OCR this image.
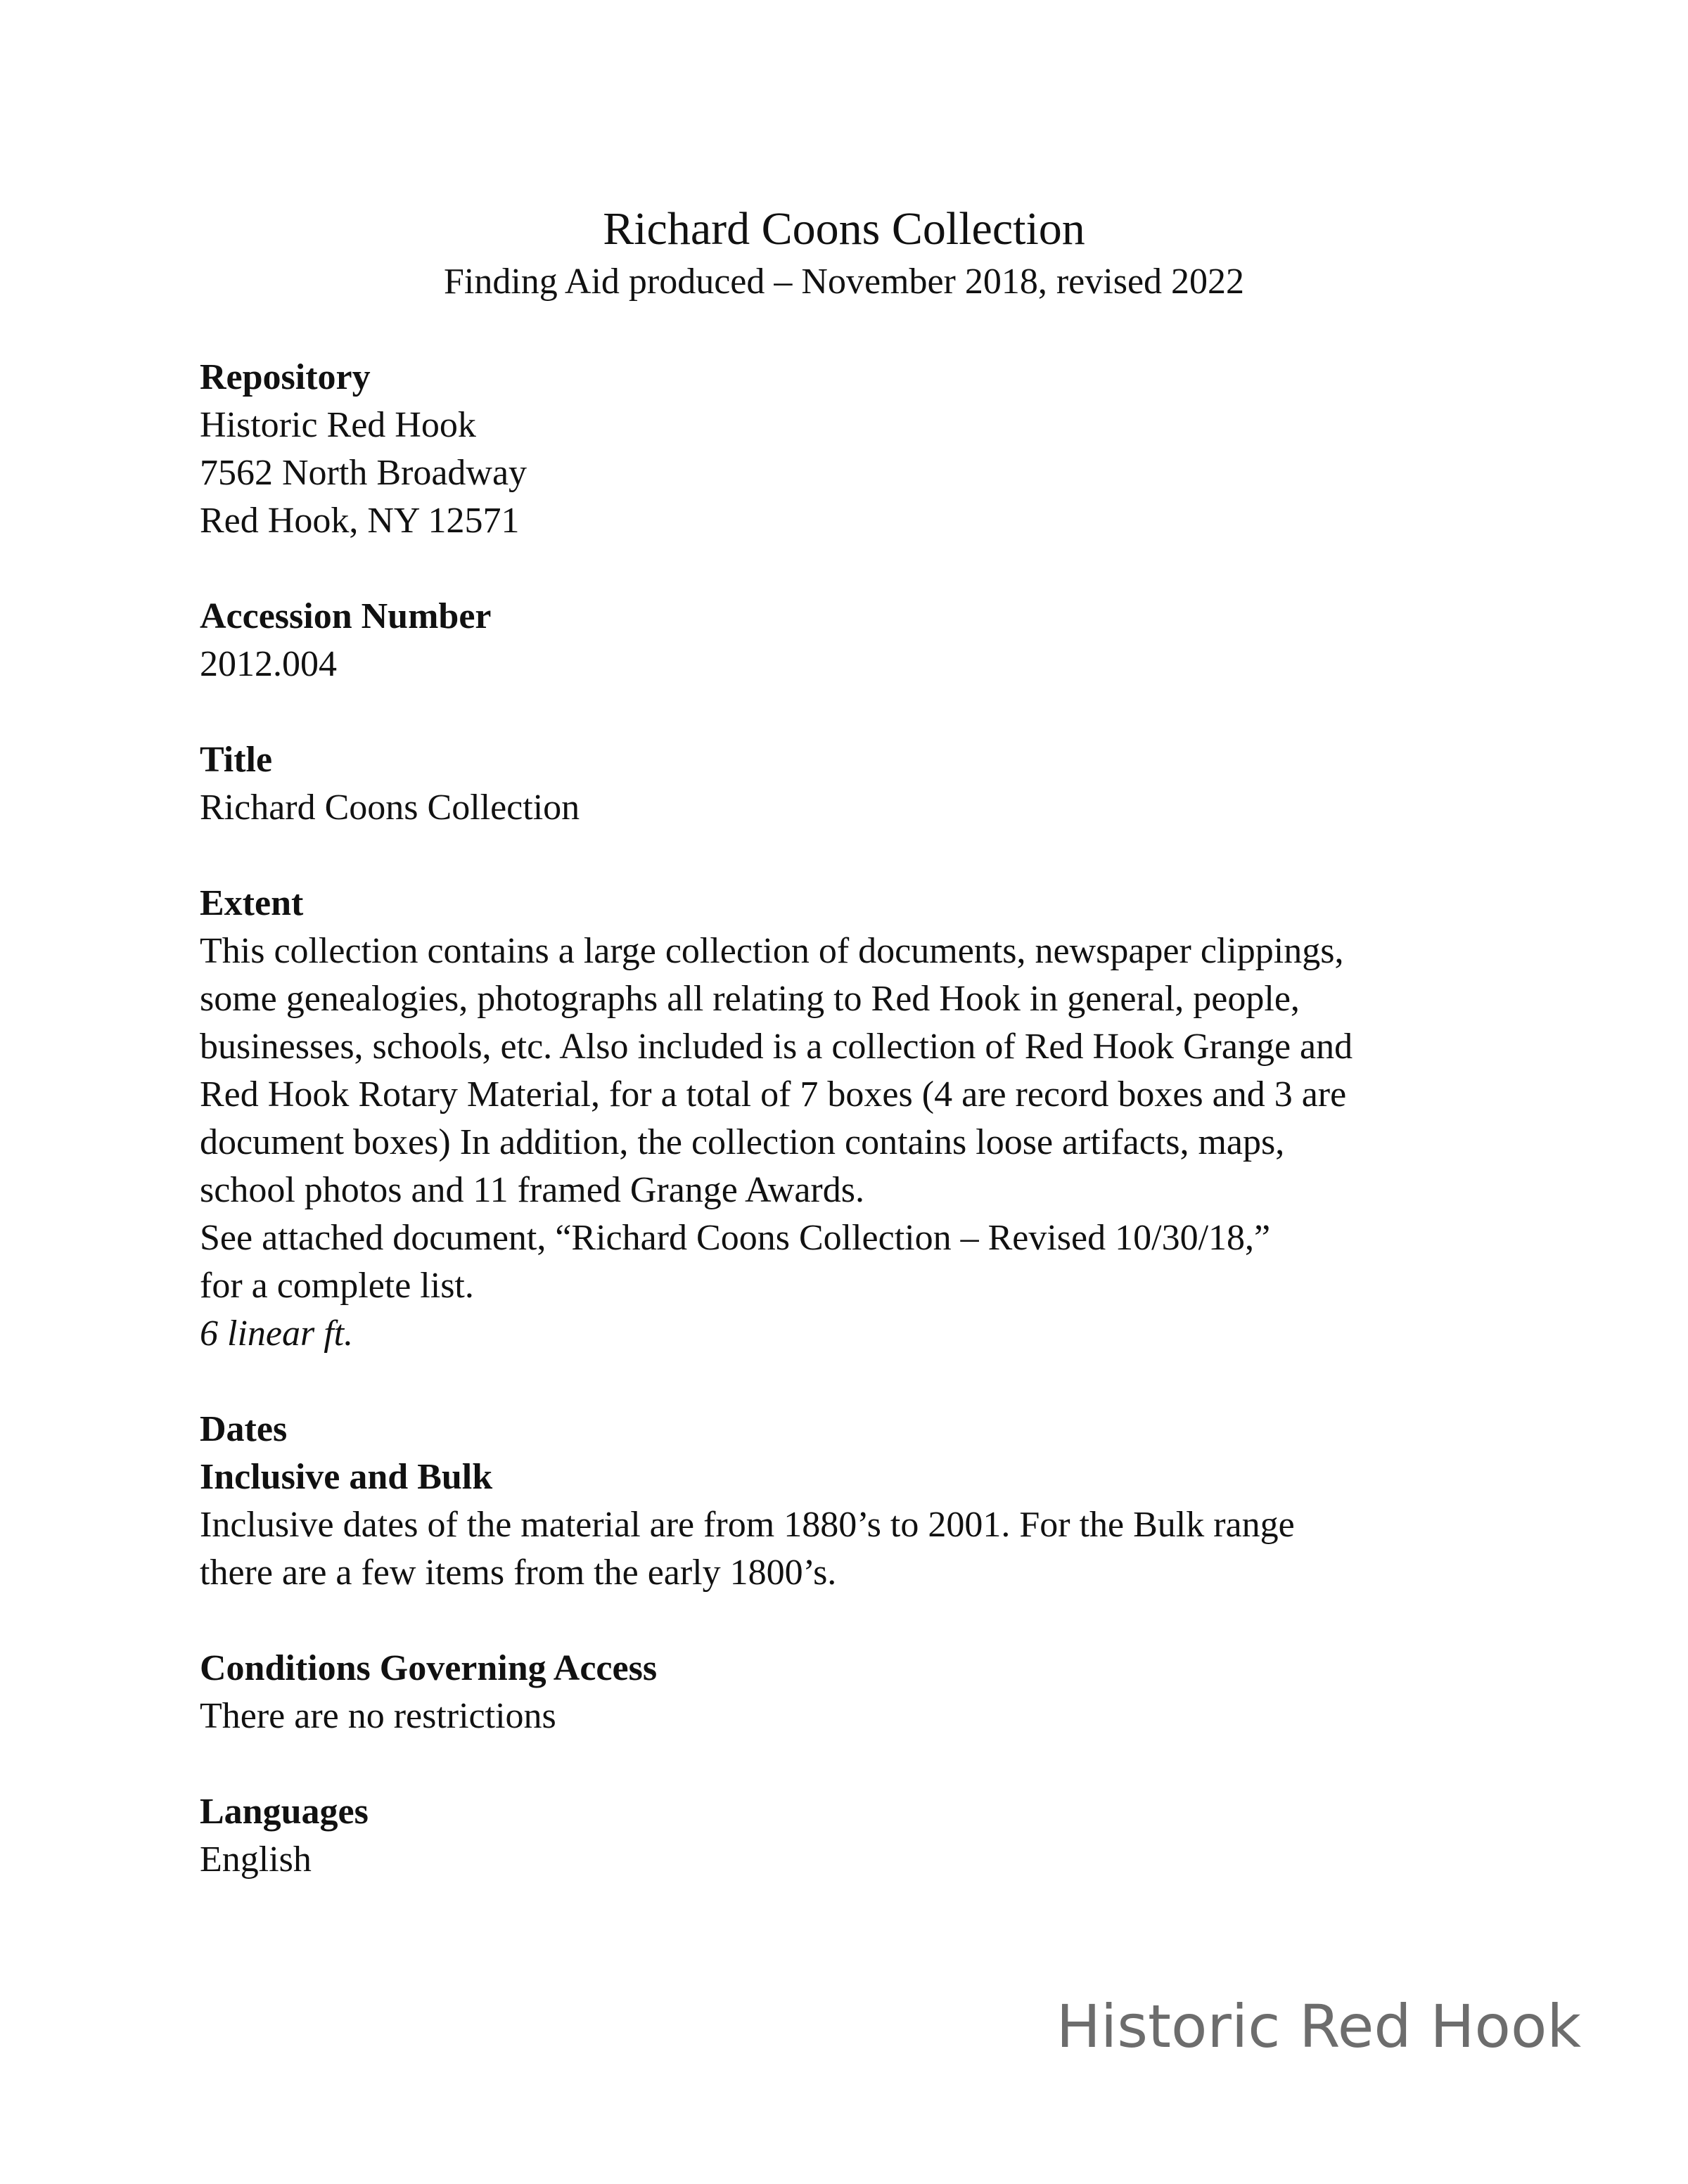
Richard Coons Collection
Finding Aid produced – November 2018, revised 2022
Repository
Historic Red Hook
7562 North Broadway
Red Hook, NY 12571
Accession Number
2012.004
Title
Richard Coons Collection
Extent
This collection contains a large collection of documents, newspaper clippings,
some genealogies, photographs all relating to Red Hook in general, people,
businesses, schools, etc. Also included is a collection of Red Hook Grange and
Red Hook Rotary Material, for a total of 7 boxes (4 are record boxes and 3 are
document boxes) In addition, the collection contains loose artifacts, maps,
school photos and 11 framed Grange Awards.
See attached document, “Richard Coons Collection – Revised 10/30/18,”
for a complete list.
6 linear ft.
Dates
Inclusive and Bulk
Inclusive dates of the material are from 1880’s to 2001. For the Bulk range
there are a few items from the early 1800’s.
Conditions Governing Access
There are no restrictions
Languages
English
Historic Red Hook
